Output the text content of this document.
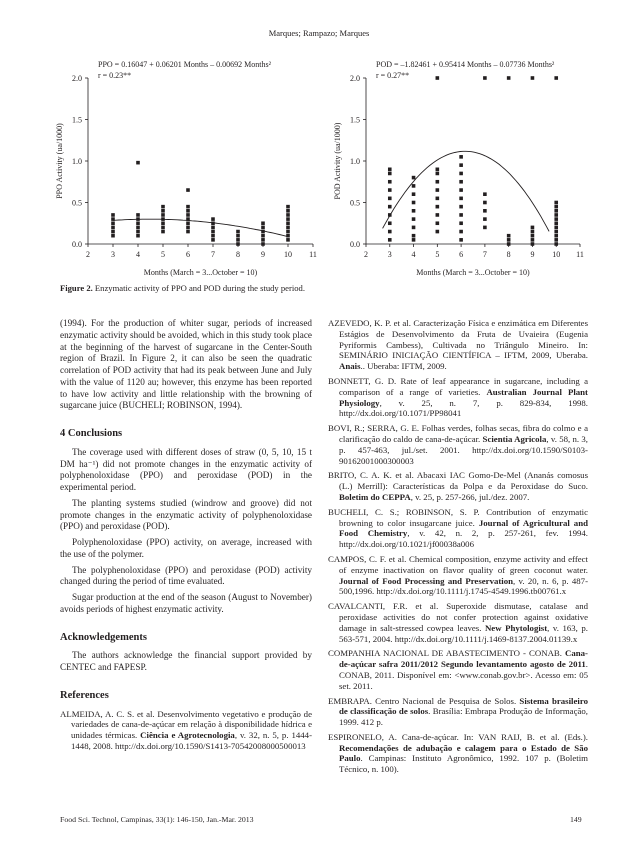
Marques; Rampazo; Marques
0.0
0.5
1.0
1.5
2.0
2	3	4	5	6	7	8	9 10 11
Months (March = 3...October = 10)
PPO Activity (ua/1000)
PPO = 0.16047 + 0.06201 Months – 0.00692 Months²
r = 0.23**
0.0
0.5
1.0
1.5
2.0
2 3 4 5 6 7 8 9 10 11
Months (March = 3...October = 10)
POD Activity (ua/1000)
POD = –1.82461 + 0.95414 Months – 0.07736 Months²
r = 0.27**
Figure 2. Enzymatic activity of PPO and POD during the study period.

(1994). For the production of whiter sugar, periods of increased enzymatic activity should be avoided, which in this study took place at the beginning of the harvest of sugarcane in the Center-South region of Brazil. In Figure 2, it can also be seen the quadratic correlation of POD activity that had its peak between June and July with the value of 1120 au; however, this enzyme has been reported to have low activity and little relationship with the browning of sugarcane juice (BUCHELI; ROBINSON, 1994).

4 Conclusions

The coverage used with different doses of straw (0, 5, 10, 15 t DM ha⁻¹) did not promote changes in the enzymatic activity of polyphenoloxidase (PPO) and peroxidase (POD) in the experimental period.

The planting systems studied (windrow and groove) did not promote changes in the enzymatic activity of polyphenoloxidase (PPO) and peroxidase (POD).

Polyphenoloxidase (PPO) activity, on average, increased with the use of the polymer.

The polyphenoloxidase (PPO) and peroxidase (POD) activity changed during the period of time evaluated.

Sugar production at the end of the season (August to November) avoids periods of highest enzymatic activity.

Acknowledgements

The authors acknowledge the financial support provided by CENTEC and FAPESP.

References

ALMEIDA, A. C. S. et al. Desenvolvimento vegetativo e produção de variedades de cana-de-açúcar em relação à disponibilidade hídrica e unidades térmicas. Ciência e Agrotecnologia, v. 32, n. 5, p. 1444-1448, 2008. http://dx.doi.org/10.1590/S1413-70542008000500013

AZEVEDO, K. P. et al. Caracterização Física e enzimática em Diferentes Estágios de Desenvolvimento da Fruta de Uvaieira (Eugenia Pyriformis Cambess), Cultivada no Triângulo Mineiro. In: SEMINÁRIO INICIAÇÃO CIENTÍFICA – IFTM, 2009, Uberaba. Anais.. Uberaba: IFTM, 2009.

BONNETT, G. D. Rate of leaf appearance in sugarcane, including a comparison of a range of varieties. Australian Journal Plant Physiology, v. 25, n. 7, p. 829-834, 1998. http://dx.doi.org/10.1071/PP98041

BOVI, R.; SERRA, G. E. Folhas verdes, folhas secas, fibra do colmo e a clarificação do caldo de cana-de-açúcar. Scientia Agricola, v. 58, n. 3, p. 457-463, jul./set. 2001. http://dx.doi.org/10.1590/S0103-90162001000300003

BRITO, C. A. K. et al. Abacaxi IAC Gomo-De-Mel (Ananás comosus (L.) Merrill): Características da Polpa e da Peroxidase do Suco. Boletim do CEPPA, v. 25, p. 257-266, jul./dez. 2007.

BUCHELI, C. S.; ROBINSON, S. P. Contribution of enzymatic browning to color insugarcane juice. Journal of Agricultural and Food Chemistry, v. 42, n. 2, p. 257-261, fev. 1994. http://dx.doi.org/10.1021/jf00038a006

CAMPOS, C. F. et al. Chemical composition, enzyme activity and effect of enzyme inactivation on flavor quality of green coconut water. Journal of Food Processing and Preservation, v. 20, n. 6, p. 487-500,1996. http://dx.doi.org/10.1111/j.1745-4549.1996.tb00761.x

CAVALCANTI, F.R. et al. Superoxide dismutase, catalase and peroxidase activities do not confer protection against oxidative damage in salt-stressed cowpea leaves. New Phytologist, v. 163, p. 563-571, 2004. http://dx.doi.org/10.1111/j.1469-8137.2004.01139.x

COMPANHIA NACIONAL DE ABASTECIMENTO - CONAB. Cana-de-açúcar safra 2011/2012 Segundo levantamento agosto de 2011. CONAB, 2011. Disponível em: <www.conab.gov.br>. Acesso em: 05 set. 2011.

EMBRAPA. Centro Nacional de Pesquisa de Solos. Sistema brasileiro de classificação de solos. Brasília: Embrapa Produção de Informação, 1999. 412 p.

ESPIRONELO, A. Cana-de-açúcar. In: VAN RAIJ, B. et al. (Eds.). Recomendações de adubação e calagem para o Estado de São Paulo. Campinas: Instituto Agronômico, 1992. 107 p. (Boletim Técnico, n. 100).

Food Sci. Technol, Campinas, 33(1): 146-150, Jan.-Mar. 2013	149
